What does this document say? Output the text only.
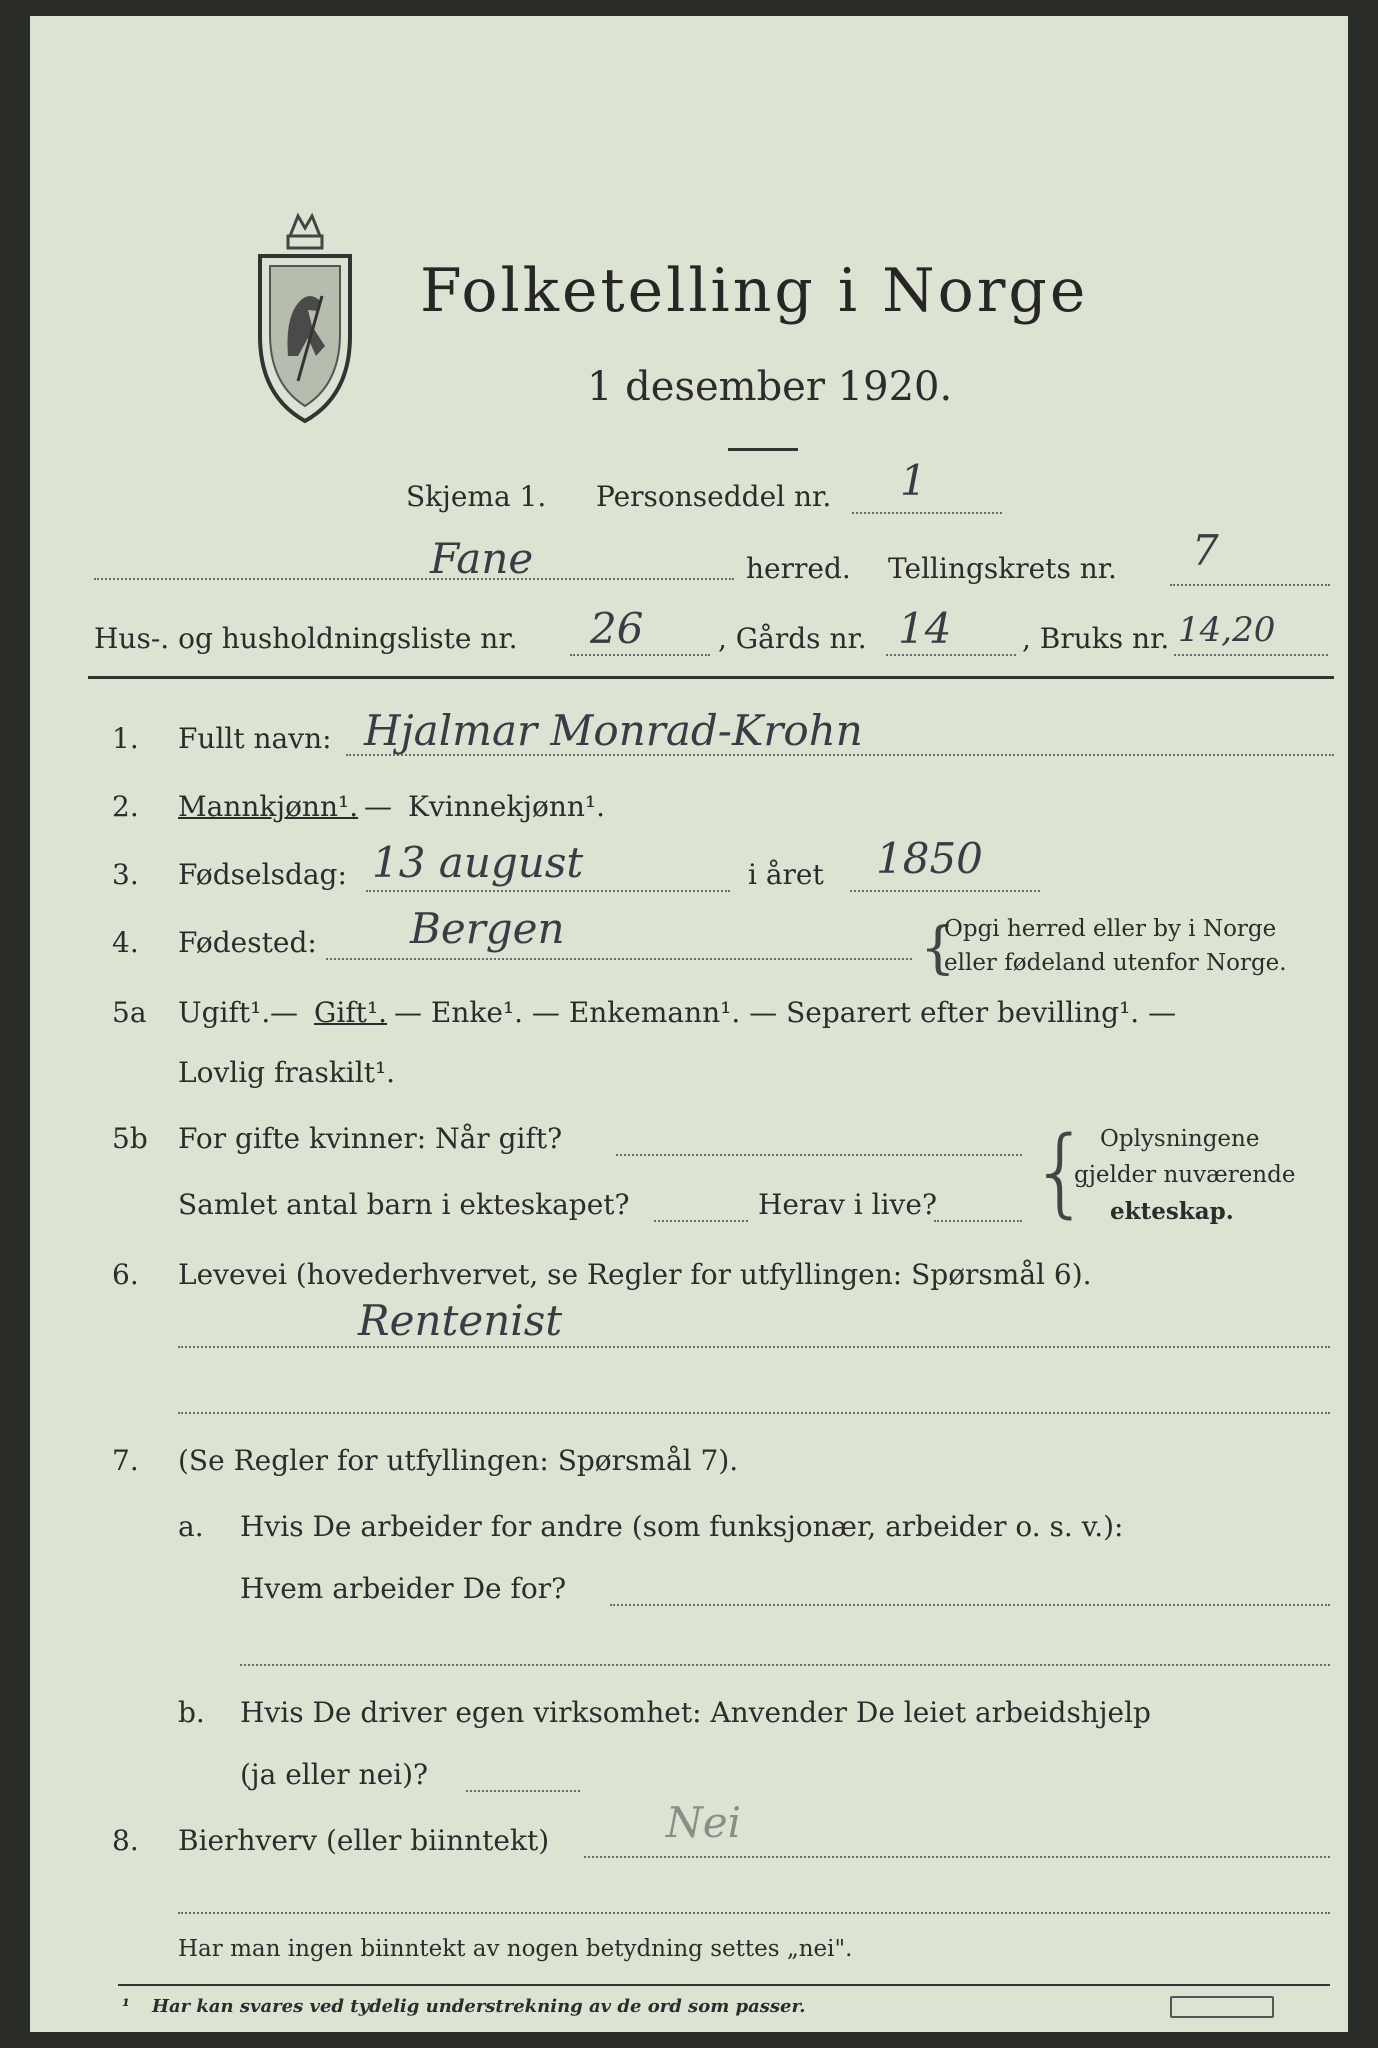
Folketelling i Norge
1 desember 1920.
Skjema 1. Personseddel nr. 1
Fane	herred. Tellingskrets nr. 7
Hus-. og husholdningsliste nr. 26	, Gårds nr. 14	, Bruks nr. 14,20
1. Fullt navn: Hjalmar Monrad-Krohn
2. Mannkjønn¹. — Kvinnekjønn¹.
3. Fødselsdag: 13 august	i året 1850
4. Fødested: Bergen	{
Opgi herred eller by i Norge
eller fødeland utenfor Norge.
5a Ugift¹. — Gift¹. — Enke¹. — Enkemann¹. — Separert efter bevilling¹. —
Lovlig fraskilt¹.
5b For gifte kvinner: Når gift?
Samlet antal barn i ekteskapet?	Herav i live? { Oplysningene
gjelder nuværende
ekteskap.
6. Levevei (hovederhvervet, se Regler for utfyllingen: Spørsmål 6).
Rentenist
7. (Se Regler for utfyllingen: Spørsmål 7).
a. Hvis De arbeider for andre (som funksjonær, arbeider o. s. v.):
Hvem arbeider De for?
b. Hvis De driver egen virksomhet: Anvender De leiet arbeidshjelp
(ja eller nei)?
8. Bierhverv (eller biinntekt)	Nei
Har man ingen biinntekt av nogen betydning settes „nei".
¹ Har kan svares ved tydelig understrekning av de ord som passer.
